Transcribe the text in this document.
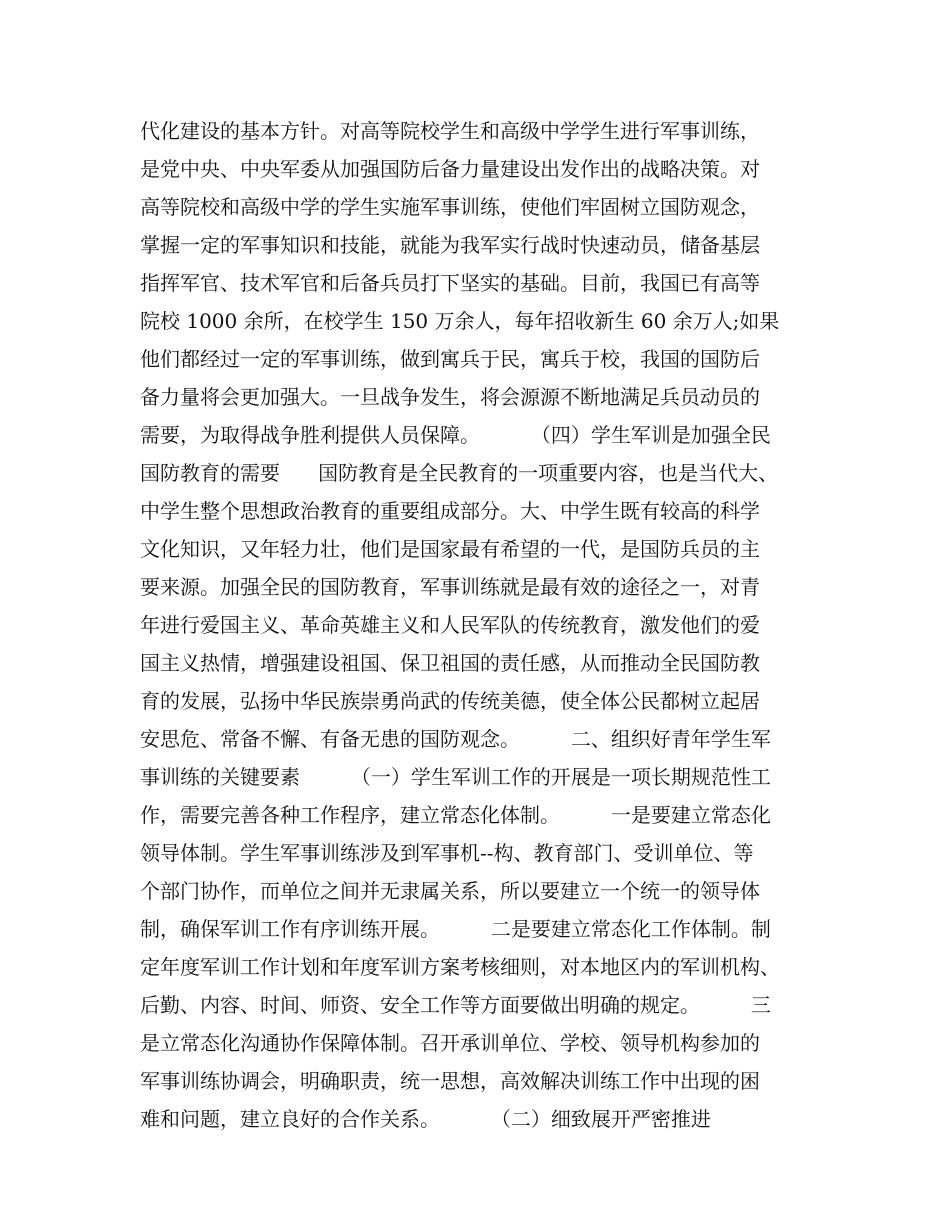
代化建设的基本方针。对高等院校学生和高级中学学生进行军事训练，
是党中央、中央军委从加强国防后备力量建设出发作出的战略决策。对
高等院校和高级中学的学生实施军事训练，使他们牢固树立国防观念，
掌握一定的军事知识和技能，就能为我军实行战时快速动员，储备基层
指挥军官、技术军官和后备兵员打下坚实的基础。目前，我国已有高等
院校 1000 余所，在校学生 150 万余人，每年招收新生 60 余万人;如果
他们都经过一定的军事训练，做到寓兵于民，寓兵于校，我国的国防后
备力量将会更加强大。一旦战争发生，将会源源不断地满足兵员动员的
需要，为取得战争胜利提供人员保障。        （四）学生军训是加强全民
国防教育的需要      国防教育是全民教育的一项重要内容，也是当代大、
中学生整个思想政治教育的重要组成部分。大、中学生既有较高的科学
文化知识，又年轻力壮，他们是国家最有希望的一代，是国防兵员的主
要来源。加强全民的国防教育，军事训练就是最有效的途径之一，对青
年进行爱国主义、革命英雄主义和人民军队的传统教育，激发他们的爱
国主义热情，增强建设祖国、保卫祖国的责任感，从而推动全民国防教
育的发展，弘扬中华民族崇勇尚武的传统美德，使全体公民都树立起居
安思危、常备不懈、有备无患的国防观念。        二、组织好青年学生军
事训练的关键要素        （一）学生军训工作的开展是一项长期规范性工
作，需要完善各种工作程序，建立常态化体制。        一是要建立常态化
领导体制。学生军事训练涉及到军事机--构、教育部门、受训单位、等
个部门协作，而单位之间并无隶属关系，所以要建立一个统一的领导体
制，确保军训工作有序训练开展。        二是要建立常态化工作体制。制
定年度军训工作计划和年度军训方案考核细则，对本地区内的军训机构、
后勤、内容、时间、师资、安全工作等方面要做出明确的规定。        三
是立常态化沟通协作保障体制。召开承训单位、学校、领导机构参加的
军事训练协调会，明确职责，统一思想，高效解决训练工作中出现的困
难和问题，建立良好的合作关系。        （二）细致展开严密推进
